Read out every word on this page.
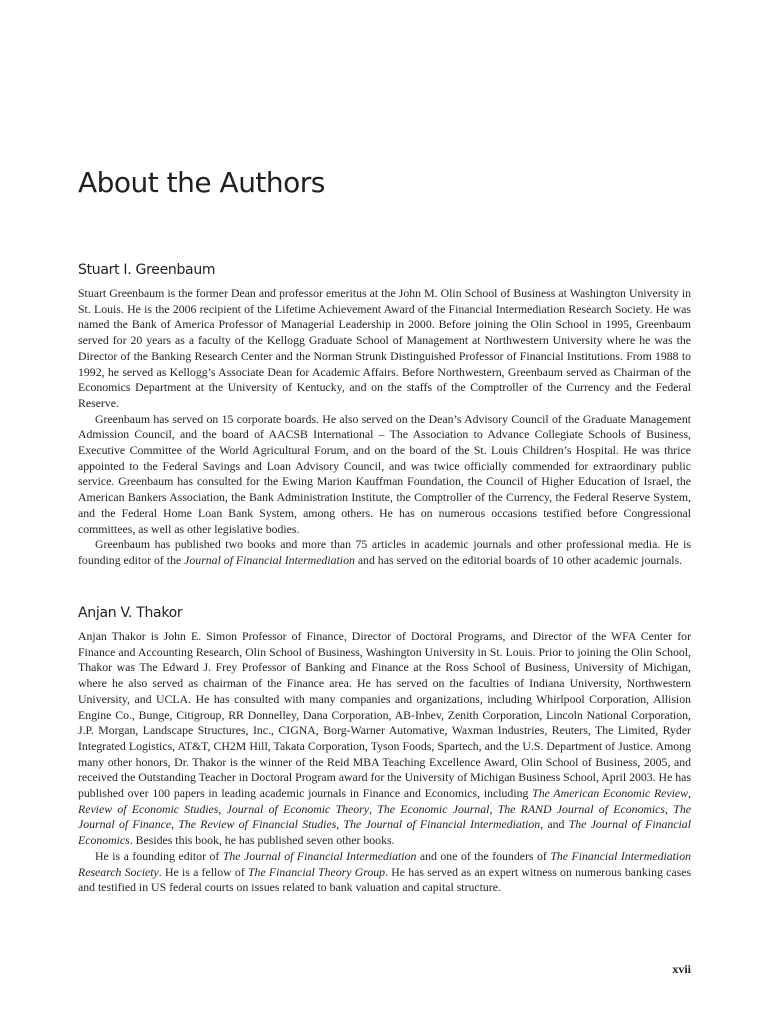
About the Authors
Stuart I. Greenbaum

Stuart Greenbaum is the former Dean and professor emeritus at the John M. Olin School of Business at Washington University in St. Louis. He is the 2006 recipient of the Lifetime Achievement Award of the Financial Intermediation Research Society. He was named the Bank of America Professor of Managerial Leadership in 2000. Before joining the Olin School in 1995, Greenbaum served for 20 years as a faculty of the Kellogg Graduate School of Management at Northwestern University where he was the Director of the Banking Research Center and the Norman Strunk Distinguished Professor of Financial Institutions. From 1988 to 1992, he served as Kellogg’s Associate Dean for Academic Affairs. Before Northwestern, Greenbaum served as Chairman of the Economics Department at the University of Kentucky, and on the staffs of the Comptroller of the Currency and the Federal Reserve.

Greenbaum has served on 15 corporate boards. He also served on the Dean’s Advisory Council of the Graduate Management Admission Council, and the board of AACSB International – The Association to Advance Collegiate Schools of Business, Executive Committee of the World Agricultural Forum, and on the board of the St. Louis Children’s Hospital. He was thrice appointed to the Federal Savings and Loan Advisory Council, and was twice officially commended for extraordinary public service. Greenbaum has consulted for the Ewing Marion Kauffman Foundation, the Council of Higher Education of Israel, the American Bankers Association, the Bank Administration Institute, the Comptroller of the Currency, the Federal Reserve System, and the Federal Home Loan Bank System, among others. He has on numerous occasions testified before Congressional committees, as well as other legislative bodies.

Greenbaum has published two books and more than 75 articles in academic journals and other professional media. He is founding editor of the Journal of Financial Intermediation and has served on the editorial boards of 10 other academic journals.

Anjan V. Thakor

Anjan Thakor is John E. Simon Professor of Finance, Director of Doctoral Programs, and Director of the WFA Center for Finance and Accounting Research, Olin School of Business, Washington University in St. Louis. Prior to joining the Olin School, Thakor was The Edward J. Frey Professor of Banking and Finance at the Ross School of Business, University of Michigan, where he also served as chairman of the Finance area. He has served on the faculties of Indiana University, Northwestern University, and UCLA. He has consulted with many companies and organizations, including Whirlpool Corporation, Allision Engine Co., Bunge, Citigroup, RR Donnelley, Dana Corporation, AB-Inbev, Zenith Corporation, Lincoln National Corporation, J.P. Morgan, Landscape Structures, Inc., CIGNA, Borg-Warner Automative, Waxman Industries, Reuters, The Limited, Ryder Integrated Logistics, AT&T, CH2M Hill, Takata Corporation, Tyson Foods, Spartech, and the U.S. Department of Justice. Among many other honors, Dr. Thakor is the winner of the Reid MBA Teaching Excellence Award, Olin School of Business, 2005, and received the Outstanding Teacher in Doctoral Program award for the University of Michigan Business School, April 2003. He has published over 100 papers in leading academic journals in Finance and Economics, including The American Economic Review, Review of Economic Studies, Journal of Economic Theory, The Economic Journal, The RAND Journal of Economics, The Journal of Finance, The Review of Financial Studies, The Journal of Financial Intermediation, and The Journal of Financial Economics. Besides this book, he has published seven other books.

He is a founding editor of The Journal of Financial Intermediation and one of the founders of The Financial Intermediation Research Society. He is a fellow of The Financial Theory Group. He has served as an expert witness on numerous banking cases and testified in US federal courts on issues related to bank valuation and capital structure.

xvii
